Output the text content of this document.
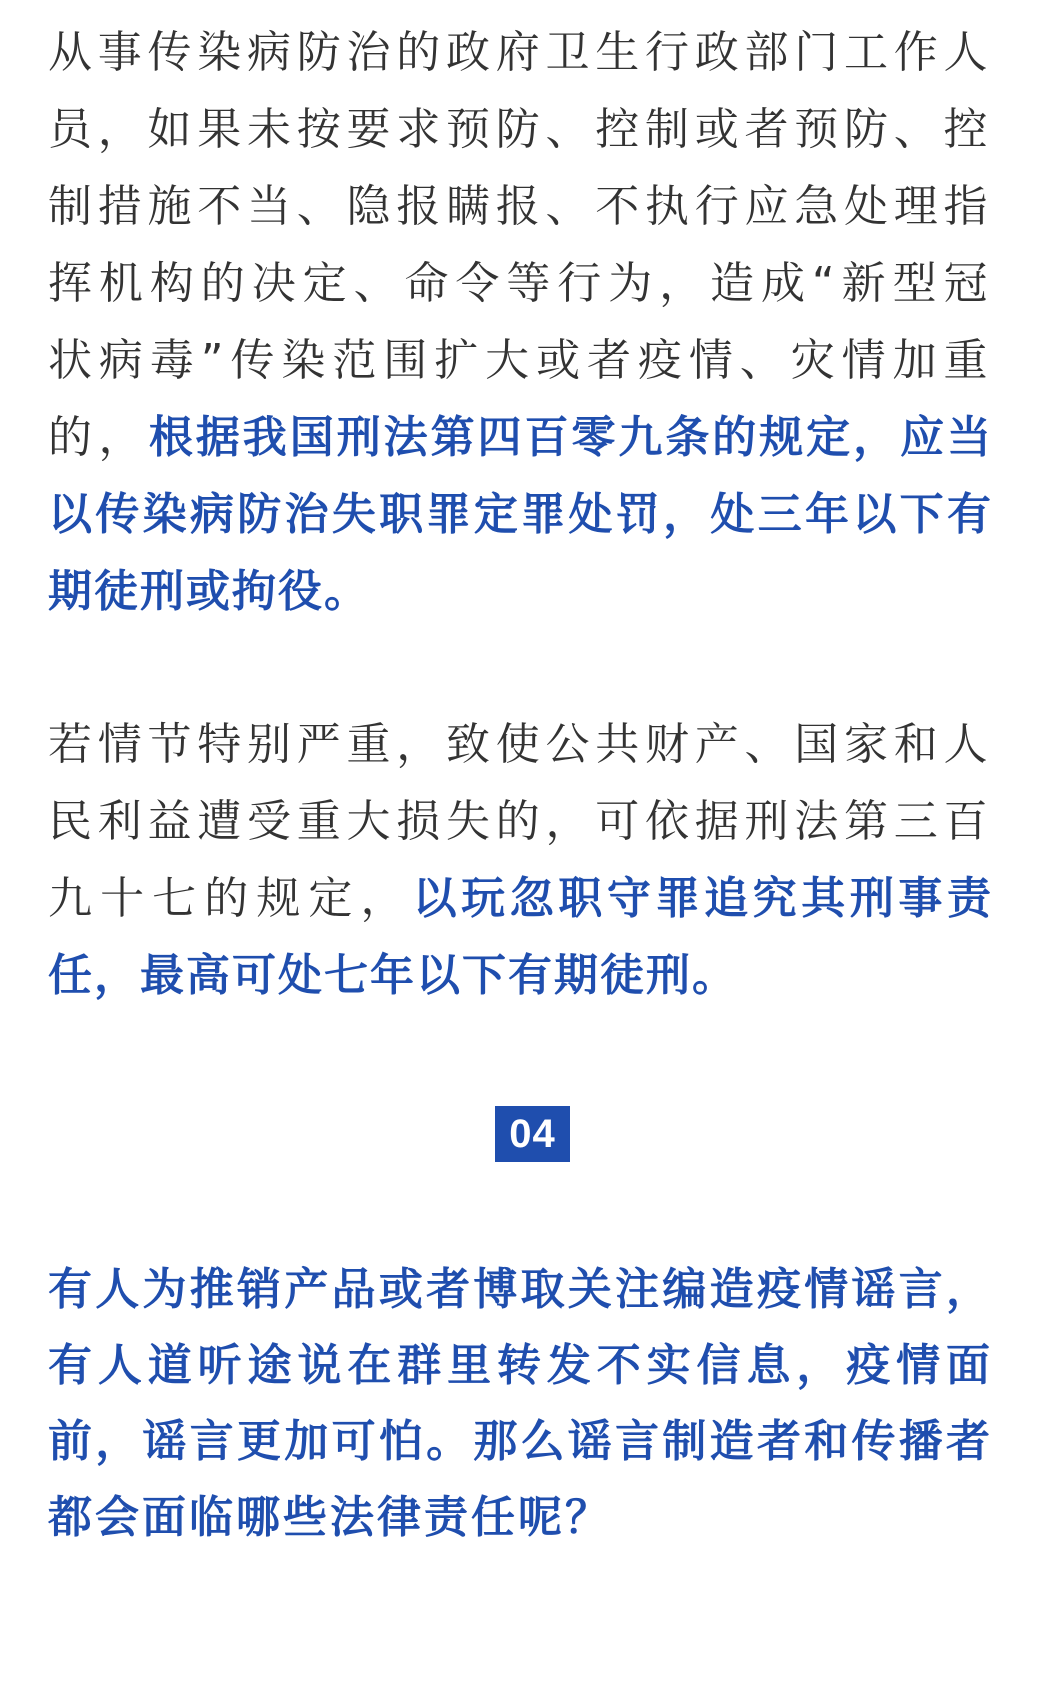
从事传染病防治的政府卫生行政部门工作人员，如果未按要求预防、控制或者预防、控制措施不当、隐报瞒报、不执行应急处理指挥机构的决定、命令等行为，造成“新型冠状病毒”传染范围扩大或者疫情、灾情加重的，根据我国刑法第四百零九条的规定，应当以传染病防治失职罪定罪处罚，处三年以下有期徒刑或拘役。

若情节特别严重，致使公共财产、国家和人民利益遭受重大损失的，可依据刑法第三百九十七的规定，以玩忽职守罪追究其刑事责任，最高可处七年以下有期徒刑。

04

有人为推销产品或者博取关注编造疫情谣言，有人道听途说在群里转发不实信息，疫情面前，谣言更加可怕。那么谣言制造者和传播者都会面临哪些法律责任呢？
